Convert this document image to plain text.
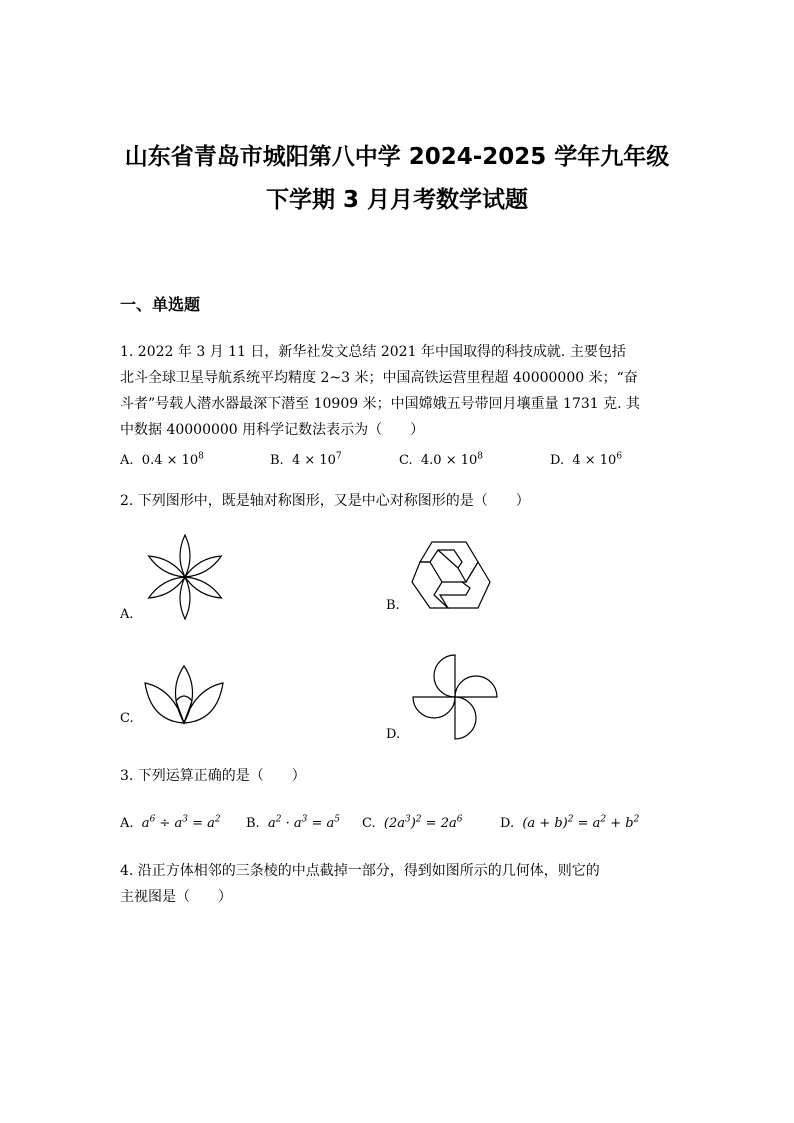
山东省青岛市城阳第八中学 2024-2025 学年九年级
下学期 3 月月考数学试题
一、单选题
1. 2022 年 3 月 11 日，新华社发文总结 2021 年中国取得的科技成就. 主要包括
北斗全球卫星导航系统平均精度 2~3 米；中国高铁运营里程超 40000000 米；“奋
斗者”号载人潜水器最深下潜至 10909 米；中国嫦娥五号带回月壤重量 1731 克. 其
中数据 40000000 用科学记数法表示为（　　）
A. $0.4 \times 10^8$	B. $4 \times 10^7$	C. $4.0 \times 10^8$	D. $4 \times 10^6$
2. 下列图形中，既是轴对称图形，又是中心对称图形的是（　　）
A.
B.
C.
D.
3. 下列运算正确的是（　　）
A. $a^6 \div a^3 = a^2$ B. $a^2 \cdot a^3 = a^5$ C. $(2a^3)^2 = 2a^6$	D. $(a + b)^2 = a^2 + b^2$
4. 沿正方体相邻的三条棱的中点截掉一部分，得到如图所示的几何体，则它的
主视图是（　　）
